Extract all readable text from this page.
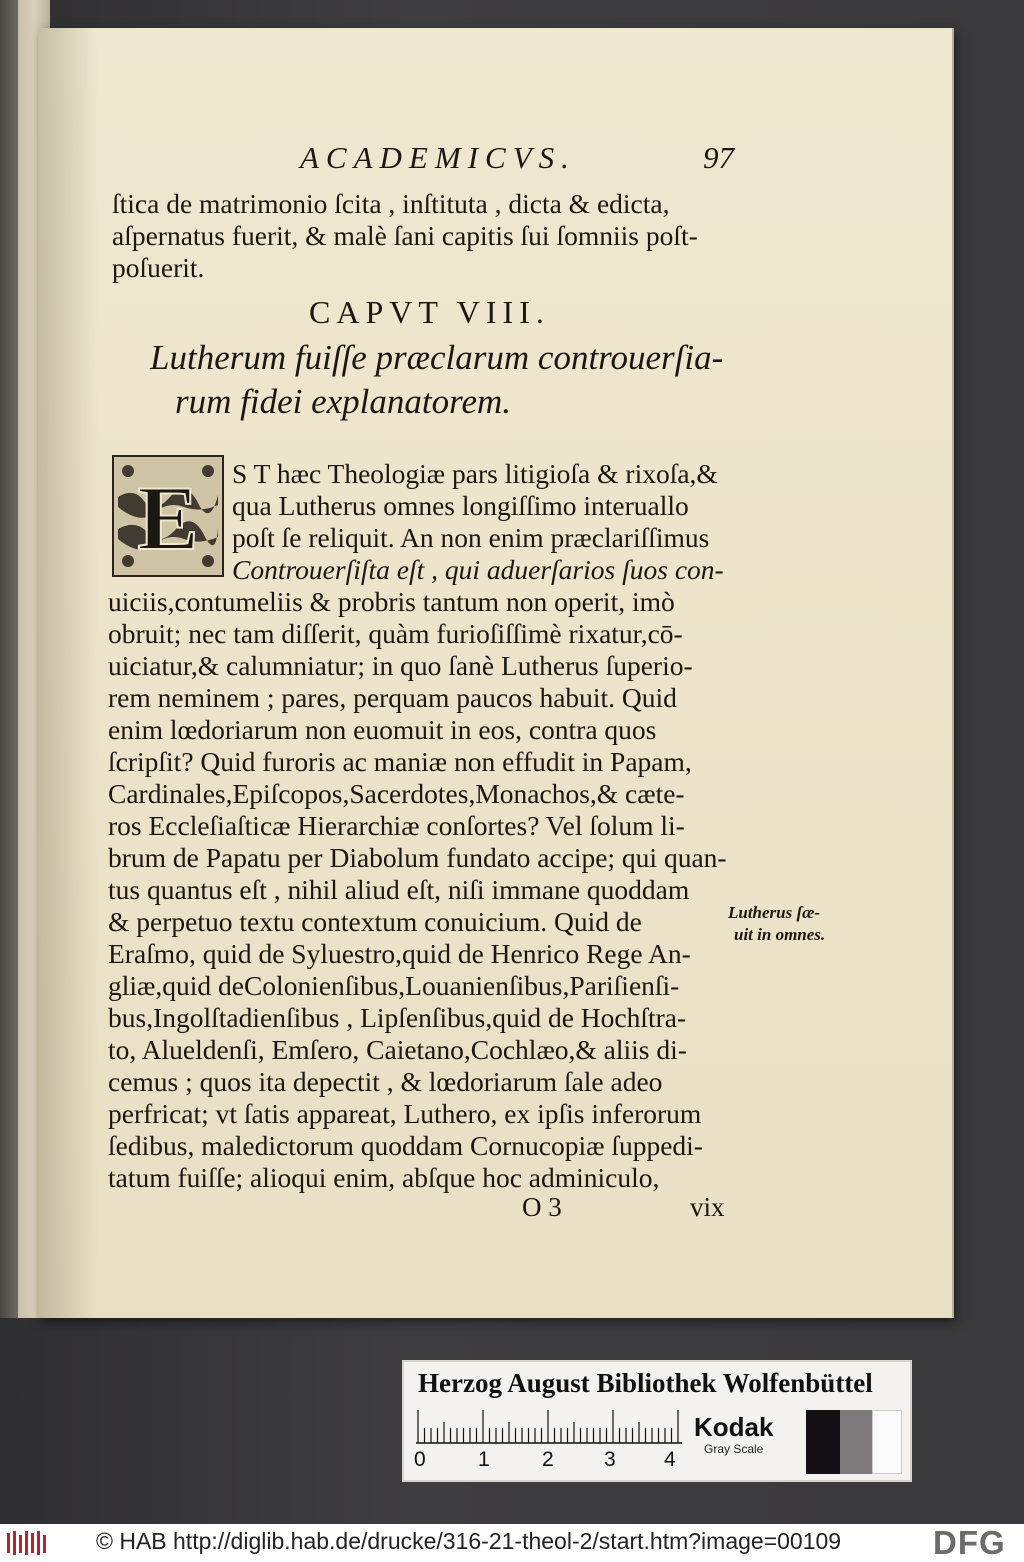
ACADEMICVS.	97
ſtica de matrimonio ſcita , inſtituta , dicta & edicta,
aſpernatus fuerit, & malè ſani capitis ſui ſomniis poſt-
poſuerit.
CAPVT VIII.
Lutherum fuiſſe præclarum controuerſia-
rum fidei explanatorem.
E S T hæc Theologiæ pars litigioſa & rixoſa,&
qua Lutherus omnes longiſſimo interuallo
poſt ſe reliquit. An non enim præclariſſimus
Controuerſiſta eſt , qui aduerſarios ſuos con-
uiciis,contumeliis & probris tantum non operit, imò
obruit; nec tam diſſerit, quàm furioſiſſimè rixatur,cō-
uiciatur,& calumniatur; in quo ſanè Lutherus ſuperio-
rem neminem ; pares, perquam paucos habuit. Quid
enim lœdoriarum non euomuit in eos, contra quos
ſcripſit? Quid furoris ac maniæ non effudit in Papam,
Cardinales,Epiſcopos,Sacerdotes,Monachos,& cæte-
ros Eccleſiaſticæ Hierarchiæ conſortes? Vel ſolum li-
brum de Papatu per Diabolum fundato accipe; qui quan-
tus quantus eſt , nihil aliud eſt, niſi immane quoddam
& perpetuo textu contextum conuicium. Quid de
Eraſmo, quid de Syluestro,quid de Henrico Rege An-
gliæ,quid deColonienſibus,Louanienſibus,Pariſienſi-
bus,Ingolſtadienſibus , Lipſenſibus,quid de Hochſtra-
to, Alueldenſi, Emſero, Caietano,Cochlæo,& aliis di-
cemus ; quos ita depectit , & lœdoriarum ſale adeo
perfricat; vt ſatis appareat, Luthero, ex ipſis inferorum
ſedibus, maledictorum quoddam Cornucopiæ ſuppedi-
tatum fuiſſe; alioqui enim, abſque hoc adminiculo,
Lutherus ſæ-
uit in omnes.
O 3	vix
Herzog August Bibliothek Wolfenbüttel
0 1 2 3 4
Kodak
Gray Scale
© HAB http://diglib.hab.de/drucke/316-21-theol-2/start.htm?image=00109	DFG
